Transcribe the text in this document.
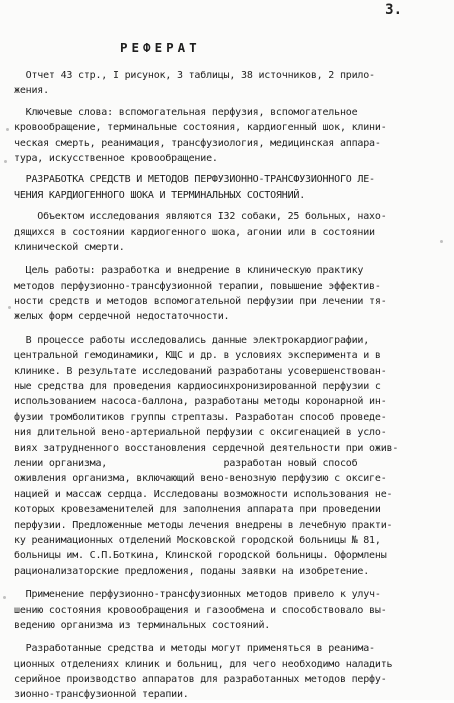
3.
РЕФЕРАТ
Отчет 43 стр., I рисунок, 3 таблицы, 38 источников, 2 прило-
жения.
Ключевые слова: вспомогательная перфузия, вспомогательное
кровообращение, терминальные состояния, кардиогенный шок, клини-
ческая смерть, реанимация, трансфузиология, медицинская аппара-
тура, искусственное кровообращение.
РАЗРАБОТКА СРЕДСТВ И МЕТОДОВ ПЕРФУЗИОННО-ТРАНСФУЗИОННОГО ЛЕ-
ЧЕНИЯ КАРДИОГЕННОГО ШОКА И ТЕРМИНАЛЬНЫХ СОСТОЯНИЙ.
Объектом исследования являются I32 собаки, 25 больных, нахо-
дящихся в состоянии кардиогенного шока, агонии или в состоянии
клинической смерти.
Цель работы: разработка и внедрение в клиническую практику
методов перфузионно-трансфузионной терапии, повышение эффектив-
ности средств и методов вспомогательной перфузии при лечении тя-
желых форм сердечной недостаточности.
В процессе работы исследовались данные электрокардиографии,
центральной гемодинамики, КЩС и др. в условиях эксперимента и в
клинике. В результате исследований разработаны усовершенствован-
ные средства для проведения кардиосинхронизированной перфузии с
использованием насоса-баллона, разработаны методы коронарной ин-
фузии тромболитиков группы стрептазы. Разработан способ проведе-
ния длительной вено-артериальной перфузии с оксигенацией в усло-
виях затрудненного восстановления сердечной деятельности при ожив-
лении организма,                    разработан новый способ
оживления организма, включающий вено-венозную перфузию с оксиге-
нацией и массаж сердца. Исследованы возможности использования не-
которых кровезаменителей для заполнения аппарата при проведении
перфузии. Предложенные методы лечения внедрены в лечебную практи-
ку реанимационных отделений Московской городской больницы № 81,
больницы им. С.П.Боткина, Клинской городской больницы. Оформлены
рационализаторские предложения, поданы заявки на изобретение.
Применение перфузионно-трансфузионных методов привело к улуч-
шению состояния кровообращения и газообмена и способствовало вы-
ведению организма из терминальных состояний.
Разработанные средства и методы могут применяться в реанима-
ционных отделениях клиник и больниц, для чего необходимо наладить
серийное производство аппаратов для разработанных методов перфу-
зионно-трансфузионной терапии.
